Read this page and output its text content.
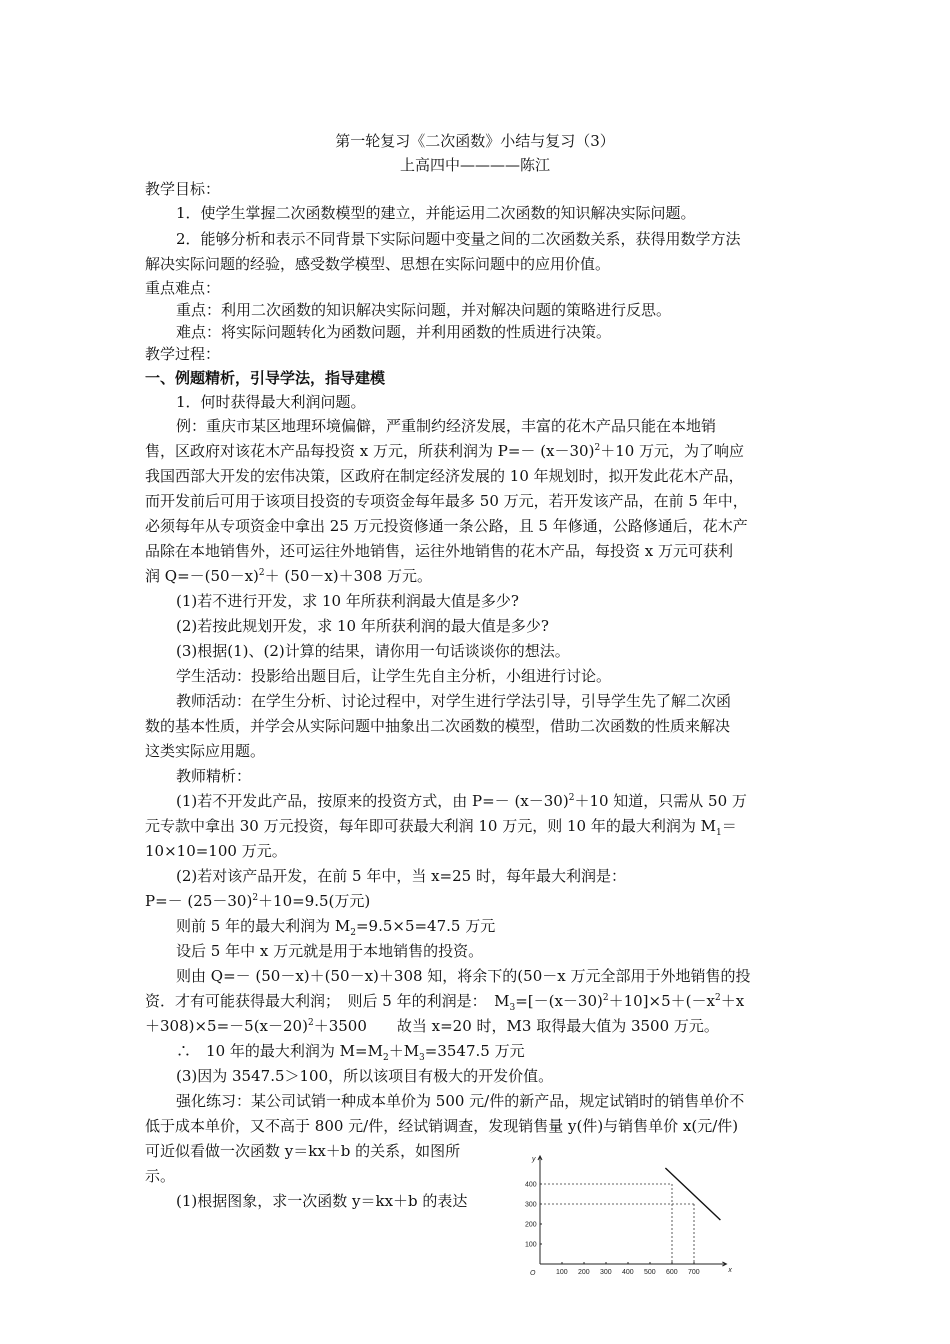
第一轮复习《二次函数》小结与复习（3）
上高四中————陈江
教学目标：
1．使学生掌握二次函数模型的建立，并能运用二次函数的知识解决实际问题。
2．能够分析和表示不同背景下实际问题中变量之间的二次函数关系，获得用数学方法
解决实际问题的经验，感受数学模型、思想在实际问题中的应用价值。
重点难点：
重点：利用二次函数的知识解决实际问题，并对解决问题的策略进行反思。
难点：将实际问题转化为函数问题，并利用函数的性质进行决策。
教学过程：
一、例题精析，引导学法，指导建模
1．何时获得最大利润问题。
例：重庆市某区地理环境偏僻，严重制约经济发展，丰富的花木产品只能在本地销
售，区政府对该花木产品每投资 x 万元，所获利润为 $P=- (x-30)^2+10$ 万元，为了响应
我国西部大开发的宏伟决策，区政府在制定经济发展的 10 年规划时，拟开发此花木产品，
而开发前后可用于该项目投资的专项资金每年最多 50 万元，若开发该产品，在前 5 年中，
必须每年从专项资金中拿出 25 万元投资修通一条公路，且 5 年修通，公路修通后，花木产
品除在本地销售外，还可运往外地销售，运往外地销售的花木产品，每投资 x 万元可获利
润 $Q=-(50-x)^2+ (50-x)+308$ 万元。
(1)若不进行开发，求 10 年所获利润最大值是多少?
(2)若按此规划开发，求 10 年所获利润的最大值是多少?
(3)根据(1)、(2)计算的结果，请你用一句话谈谈你的想法。
学生活动：投影给出题目后，让学生先自主分析，小组进行讨论。
教师活动：在学生分析、讨论过程中，对学生进行学法引导，引导学生先了解二次函
数的基本性质，并学会从实际问题中抽象出二次函数的模型，借助二次函数的性质来解决
这类实际应用题。
教师精析：
(1)若不开发此产品，按原来的投资方式，由 $P=- (x-30)^2+10$ 知道，只需从 50 万
元专款中拿出 30 万元投资，每年即可获最大利润 10 万元，则 10 年的最大利润为 $M_1=$
10×10=100 万元。
(2)若对该产品开发，在前 5 年中，当 x=25 时，每年最大利润是：
$P=- (25-30)^2+10=9.5$(万元)
则前 5 年的最大利润为 $M_2=9.5\times 5=47.5$ 万元
设后 5 年中 x 万元就是用于本地销售的投资。
则由 Q=－ (50－x)＋(50－x)＋308 知，将余下的(50－x 万元全部用于外地销售的投
资．才有可能获得最大利润；　则后 5 年的利润是：　$M_3=[-(x-30)^2+10]\times 5+(-x^2+x$
$+308)\times 5=-5(x-20)^2+3500$　　故当 x=20 时，M3 取得最大值为 3500 万元。
∴　 10 年的最大利润为 $M=M_2+M_3=3547.5$ 万元
(3)因为 3547.5＞100，所以该项目有极大的开发价值。
强化练习：某公司试销一种成本单价为 500 元/件的新产品，规定试销时的销售单价不
低于成本单价，又不高于 800 元/件，经试销调查，发现销售量 y(件)与销售单价 x(元/件)
可近似看做一次函数 y＝kx＋b 的关系，如图所
示。
(1)根据图象，求一次函数 y＝kx＋b 的表达
x
y
O	100 200 300 400 500 600 700
100
200
300
400
